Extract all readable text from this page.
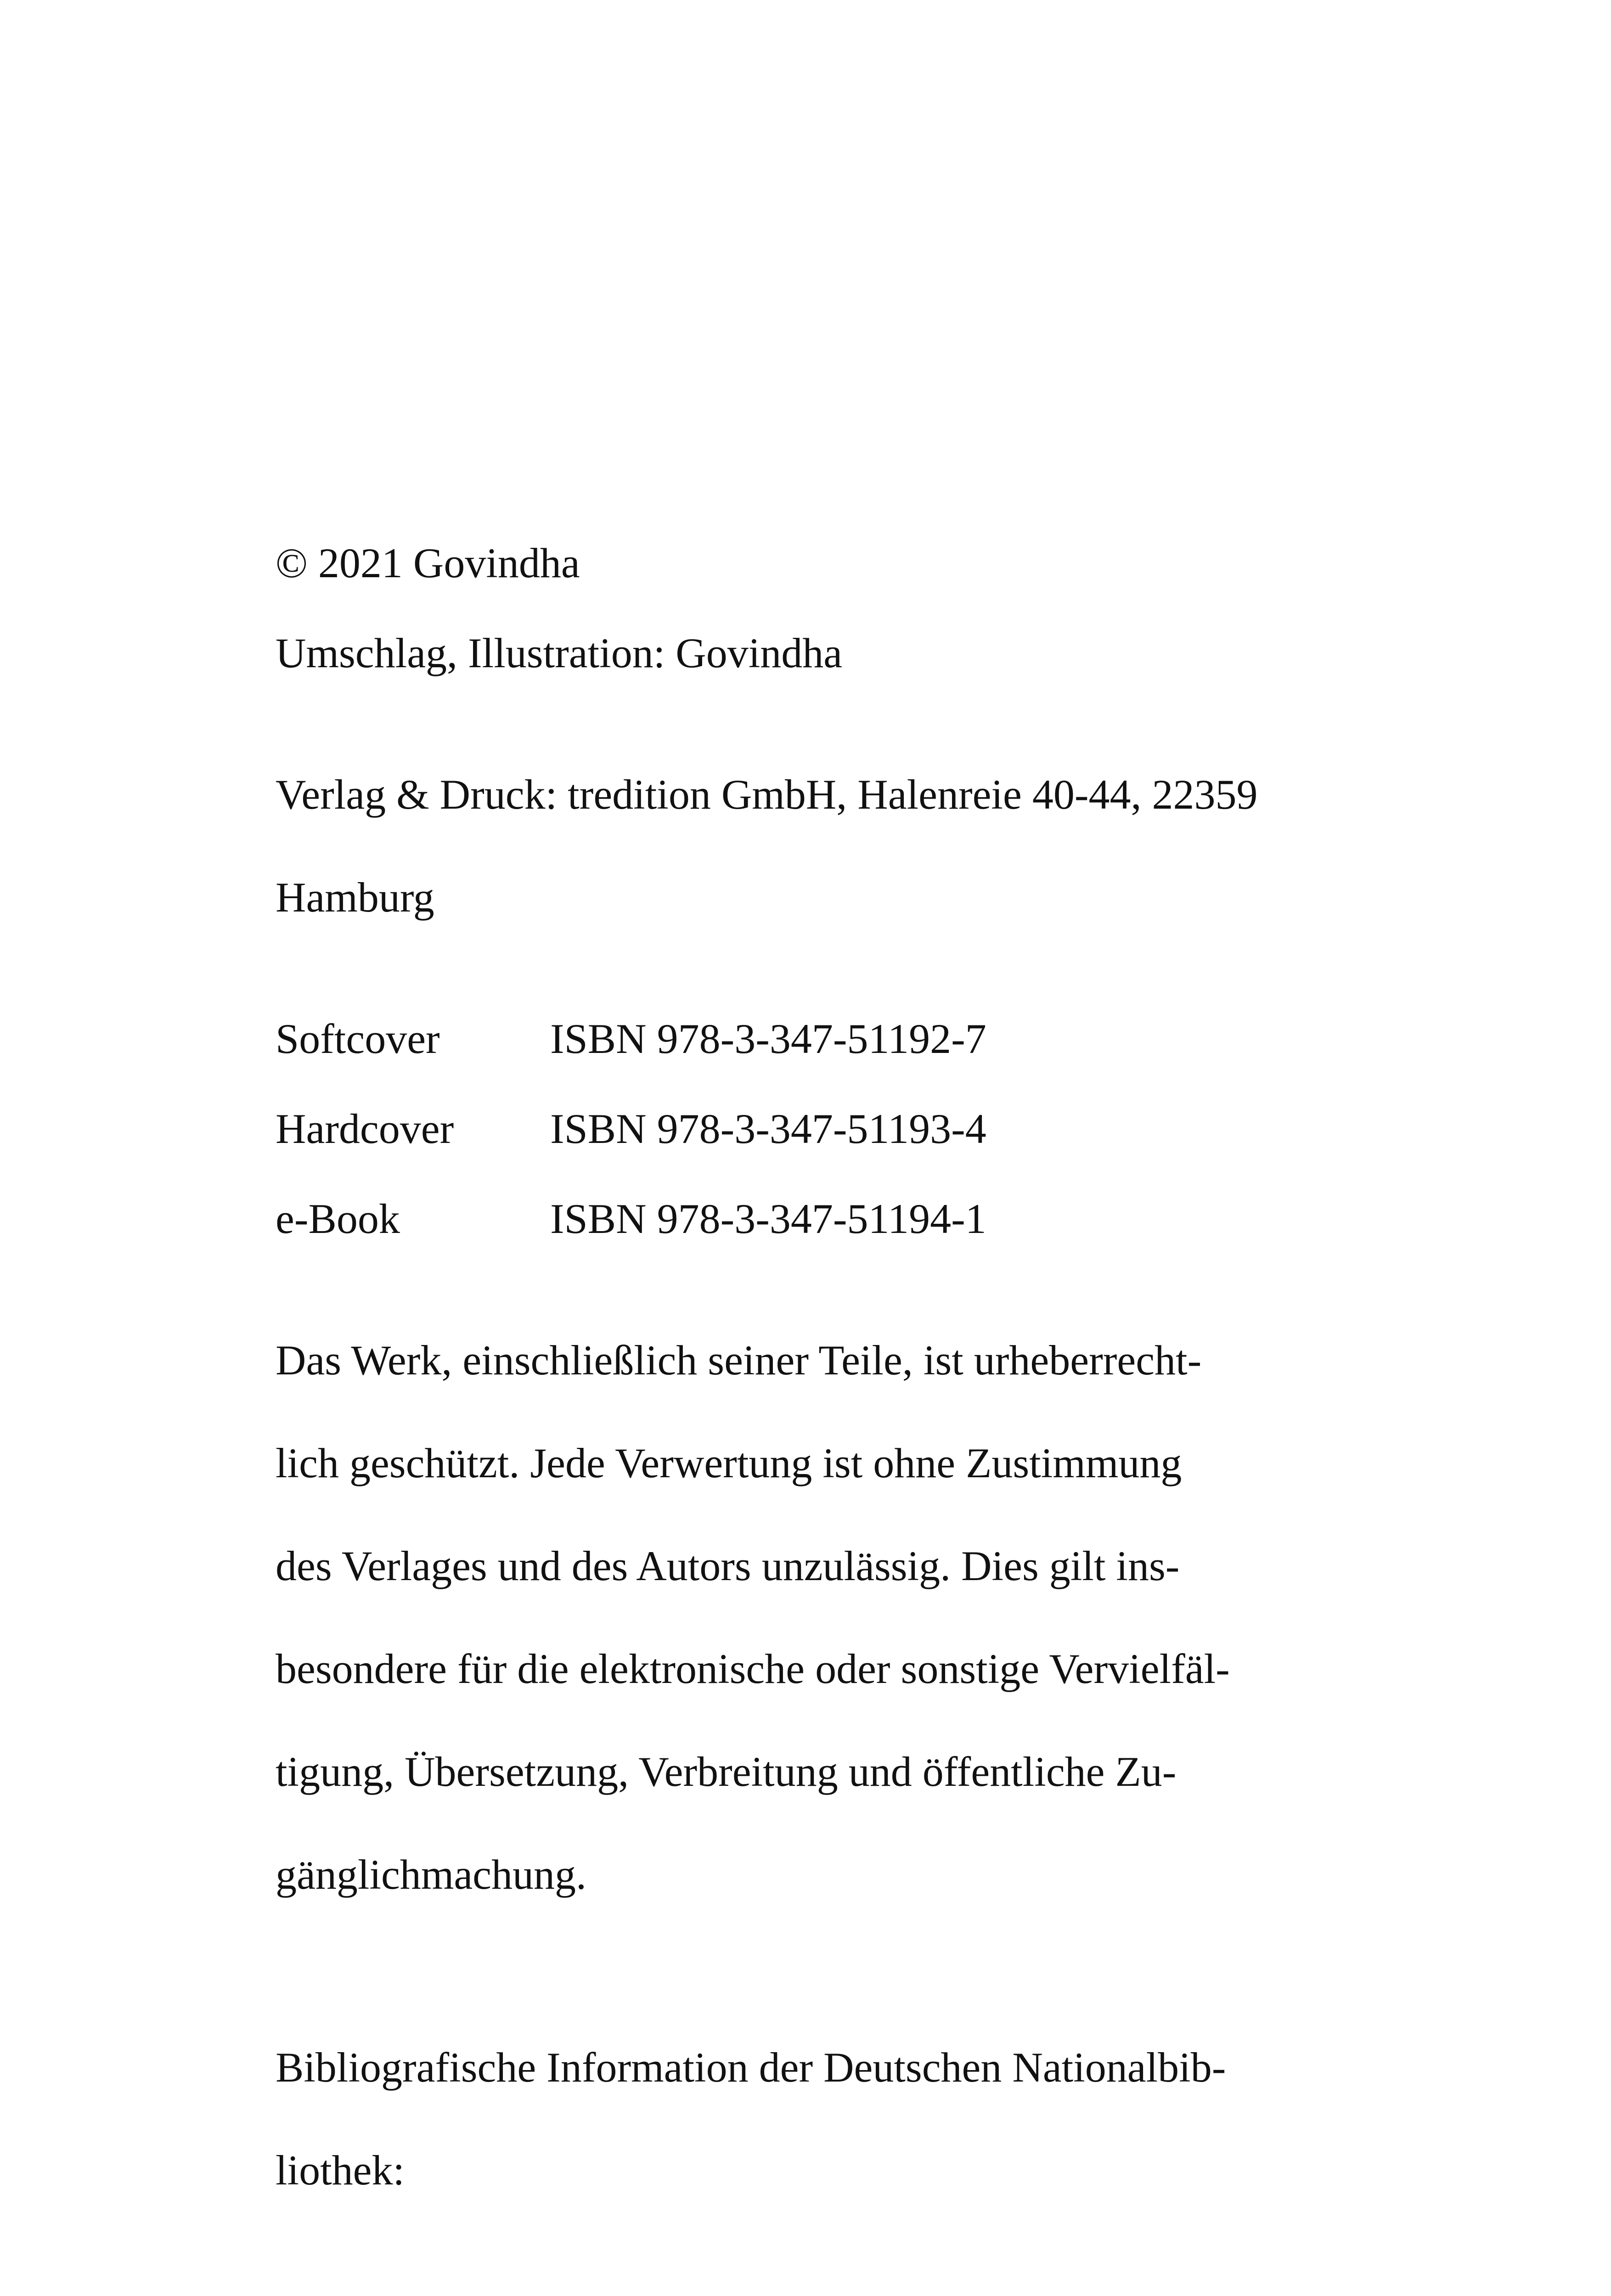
© 2021 Govindha

Umschlag, Illustration: Govindha

Verlag & Druck: tredition GmbH, Halenreie 40-44, 22359

Hamburg

Softcover	ISBN 978-3-347-51192-7
Hardcover	ISBN 978-3-347-51193-4
e-Book	ISBN 978-3-347-51194-1

Das Werk, einschließlich seiner Teile, ist urheberrecht-

lich geschützt. Jede Verwertung ist ohne Zustimmung

des Verlages und des Autors unzulässig. Dies gilt ins-

besondere für die elektronische oder sonstige Vervielfäl-

tigung, Übersetzung, Verbreitung und öffentliche Zu-

gänglichmachung.

Bibliografische Information der Deutschen Nationalbib-

liothek:
